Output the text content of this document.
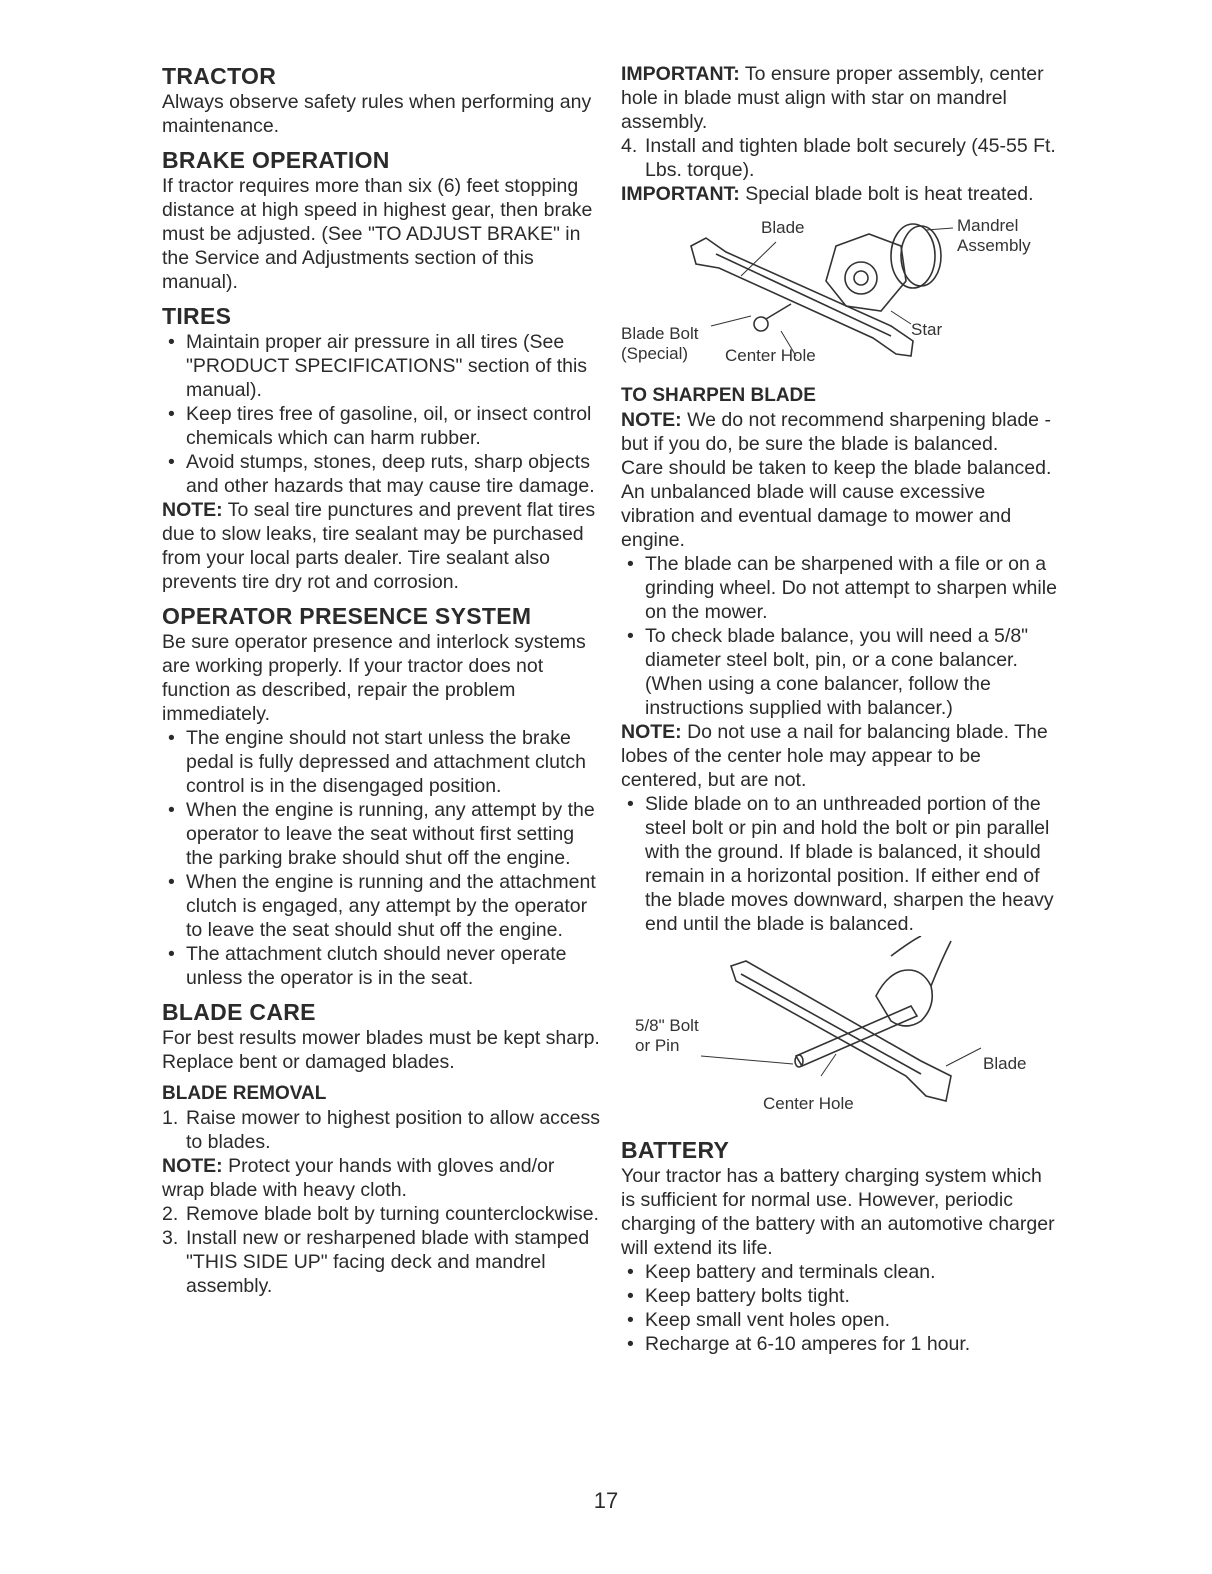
TRACTOR

Always observe safety rules when performing any maintenance.

BRAKE OPERATION

If tractor requires more than six (6) feet stopping distance at high speed in highest gear, then brake must be adjusted. (See "TO ADJUST BRAKE" in the Service and Adjustments section of this manual).

TIRES
• Maintain proper air pressure in all tires (See "PRODUCT SPECIFICATIONS" section of this manual).
• Keep tires free of gasoline, oil, or insect control chemicals which can harm rubber.
• Avoid stumps, stones, deep ruts, sharp objects and other hazards that may cause tire damage.

NOTE: To seal tire punctures and prevent flat tires due to slow leaks, tire sealant may be purchased from your local parts dealer. Tire sealant also prevents tire dry rot and corrosion.

OPERATOR PRESENCE SYSTEM

Be sure operator presence and interlock systems are working properly. If your tractor does not function as described, repair the problem immediately.

• The engine should not start unless the brake pedal is fully depressed and attachment clutch control is in the disengaged position.
• When the engine is running, any attempt by the operator to leave the seat without first setting the parking brake should shut off the engine.
• When the engine is running and the attachment clutch is engaged, any attempt by the operator to leave the seat should shut off the engine.
• The attachment clutch should never operate unless the operator is in the seat.
BLADE CARE

For best results mower blades must be kept sharp. Replace bent or damaged blades.

BLADE REMOVAL
1. Raise mower to highest position to allow access to blades.

NOTE: Protect your hands with gloves and/or wrap blade with heavy cloth.

2. Remove blade bolt by turning counterclockwise.
3. Install new or resharpened blade with stamped "THIS SIDE UP" facing deck and mandrel assembly.

IMPORTANT: To ensure proper assembly, center hole in blade must align with star on mandrel assembly.

4. Install and tighten blade bolt securely (45-55 Ft. Lbs. torque).

IMPORTANT: Special blade bolt is heat treated.

Blade	Mandrel
Assembly
Star
Blade Bolt
(Special) Center Hole
TO SHARPEN BLADE

NOTE: We do not recommend sharpening blade - but if you do, be sure the blade is balanced.

Care should be taken to keep the blade balanced. An unbalanced blade will cause excessive vibration and eventual damage to mower and engine.

• The blade can be sharpened with a file or on a grinding wheel. Do not attempt to sharpen while on the mower.
• To check blade balance, you will need a 5/8" diameter steel bolt, pin, or a cone balancer. (When using a cone balancer, follow the instructions supplied with balancer.)

NOTE: Do not use a nail for balancing blade. The lobes of the center hole may appear to be centered, but are not.

• Slide blade on to an unthreaded portion of the steel bolt or pin and hold the bolt or pin parallel with the ground. If blade is balanced, it should remain in a horizontal position. If either end of the blade moves downward, sharpen the heavy end until the blade is balanced.
5/8" Bolt
or Pin
Blade
Center Hole
BATTERY

Your tractor has a battery charging system which is sufficient for normal use. However, periodic charging of the battery with an automotive charger will extend its life.

• Keep battery and terminals clean.
• Keep battery bolts tight.
• Keep small vent holes open.
• Recharge at 6-10 amperes for 1 hour.
17
